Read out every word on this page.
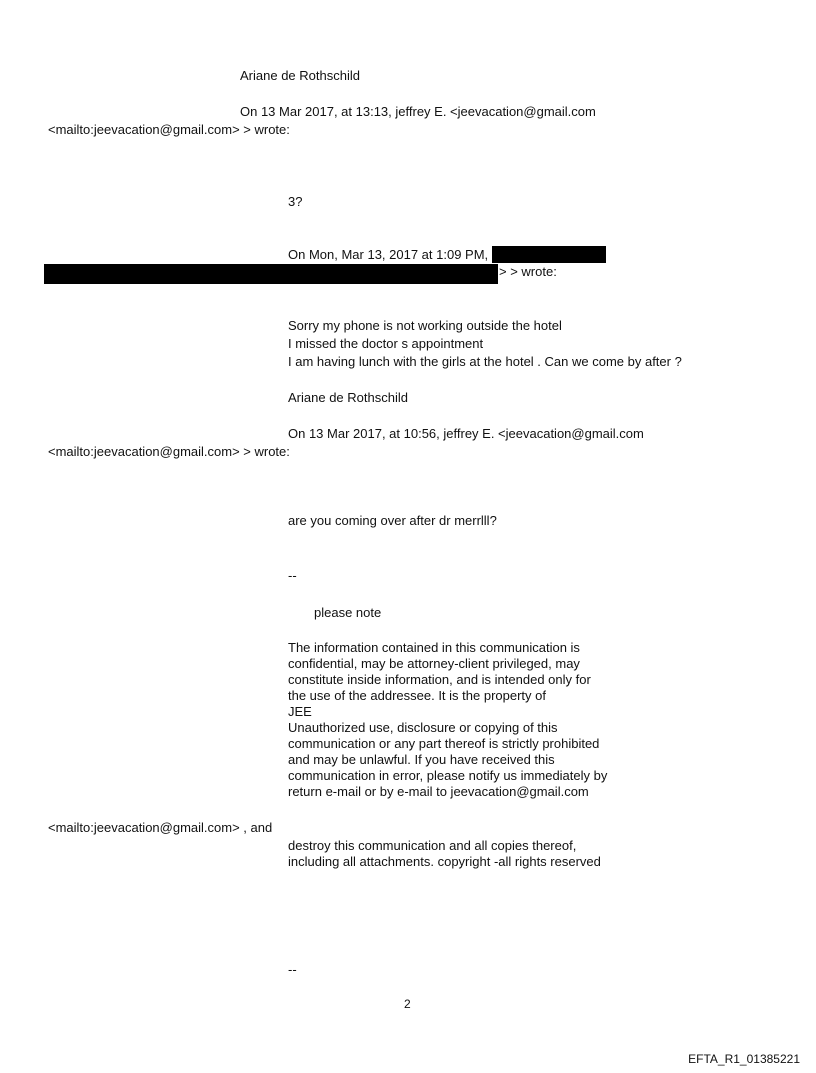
Ariane de Rothschild
On 13 Mar 2017, at 13:13, jeffrey E. <jeevacation@gmail.com
<mailto:jeevacation@gmail.com> > wrote:
3?
On Mon, Mar 13, 2017 at 1:09 PM,
> > wrote:
Sorry my phone is not working outside the hotel
I missed the doctor s appointment
I am having lunch with the girls at the hotel . Can we come by after ?
Ariane de Rothschild
On 13 Mar 2017, at 10:56, jeffrey E. <jeevacation@gmail.com
<mailto:jeevacation@gmail.com> > wrote:
are you coming over after dr merrlll?
--
please note
The information contained in this communication is
confidential, may be attorney-client privileged, may
constitute inside information, and is intended only for
the use of the addressee. It is the property of
JEE
Unauthorized use, disclosure or copying of this
communication or any part thereof is strictly prohibited
and may be unlawful. If you have received this
communication in error, please notify us immediately by
return e-mail or by e-mail to jeevacation@gmail.com
<mailto:jeevacation@gmail.com> , and
destroy this communication and all copies thereof,
including all attachments. copyright -all rights reserved
--
2
EFTA_R1_01385221
